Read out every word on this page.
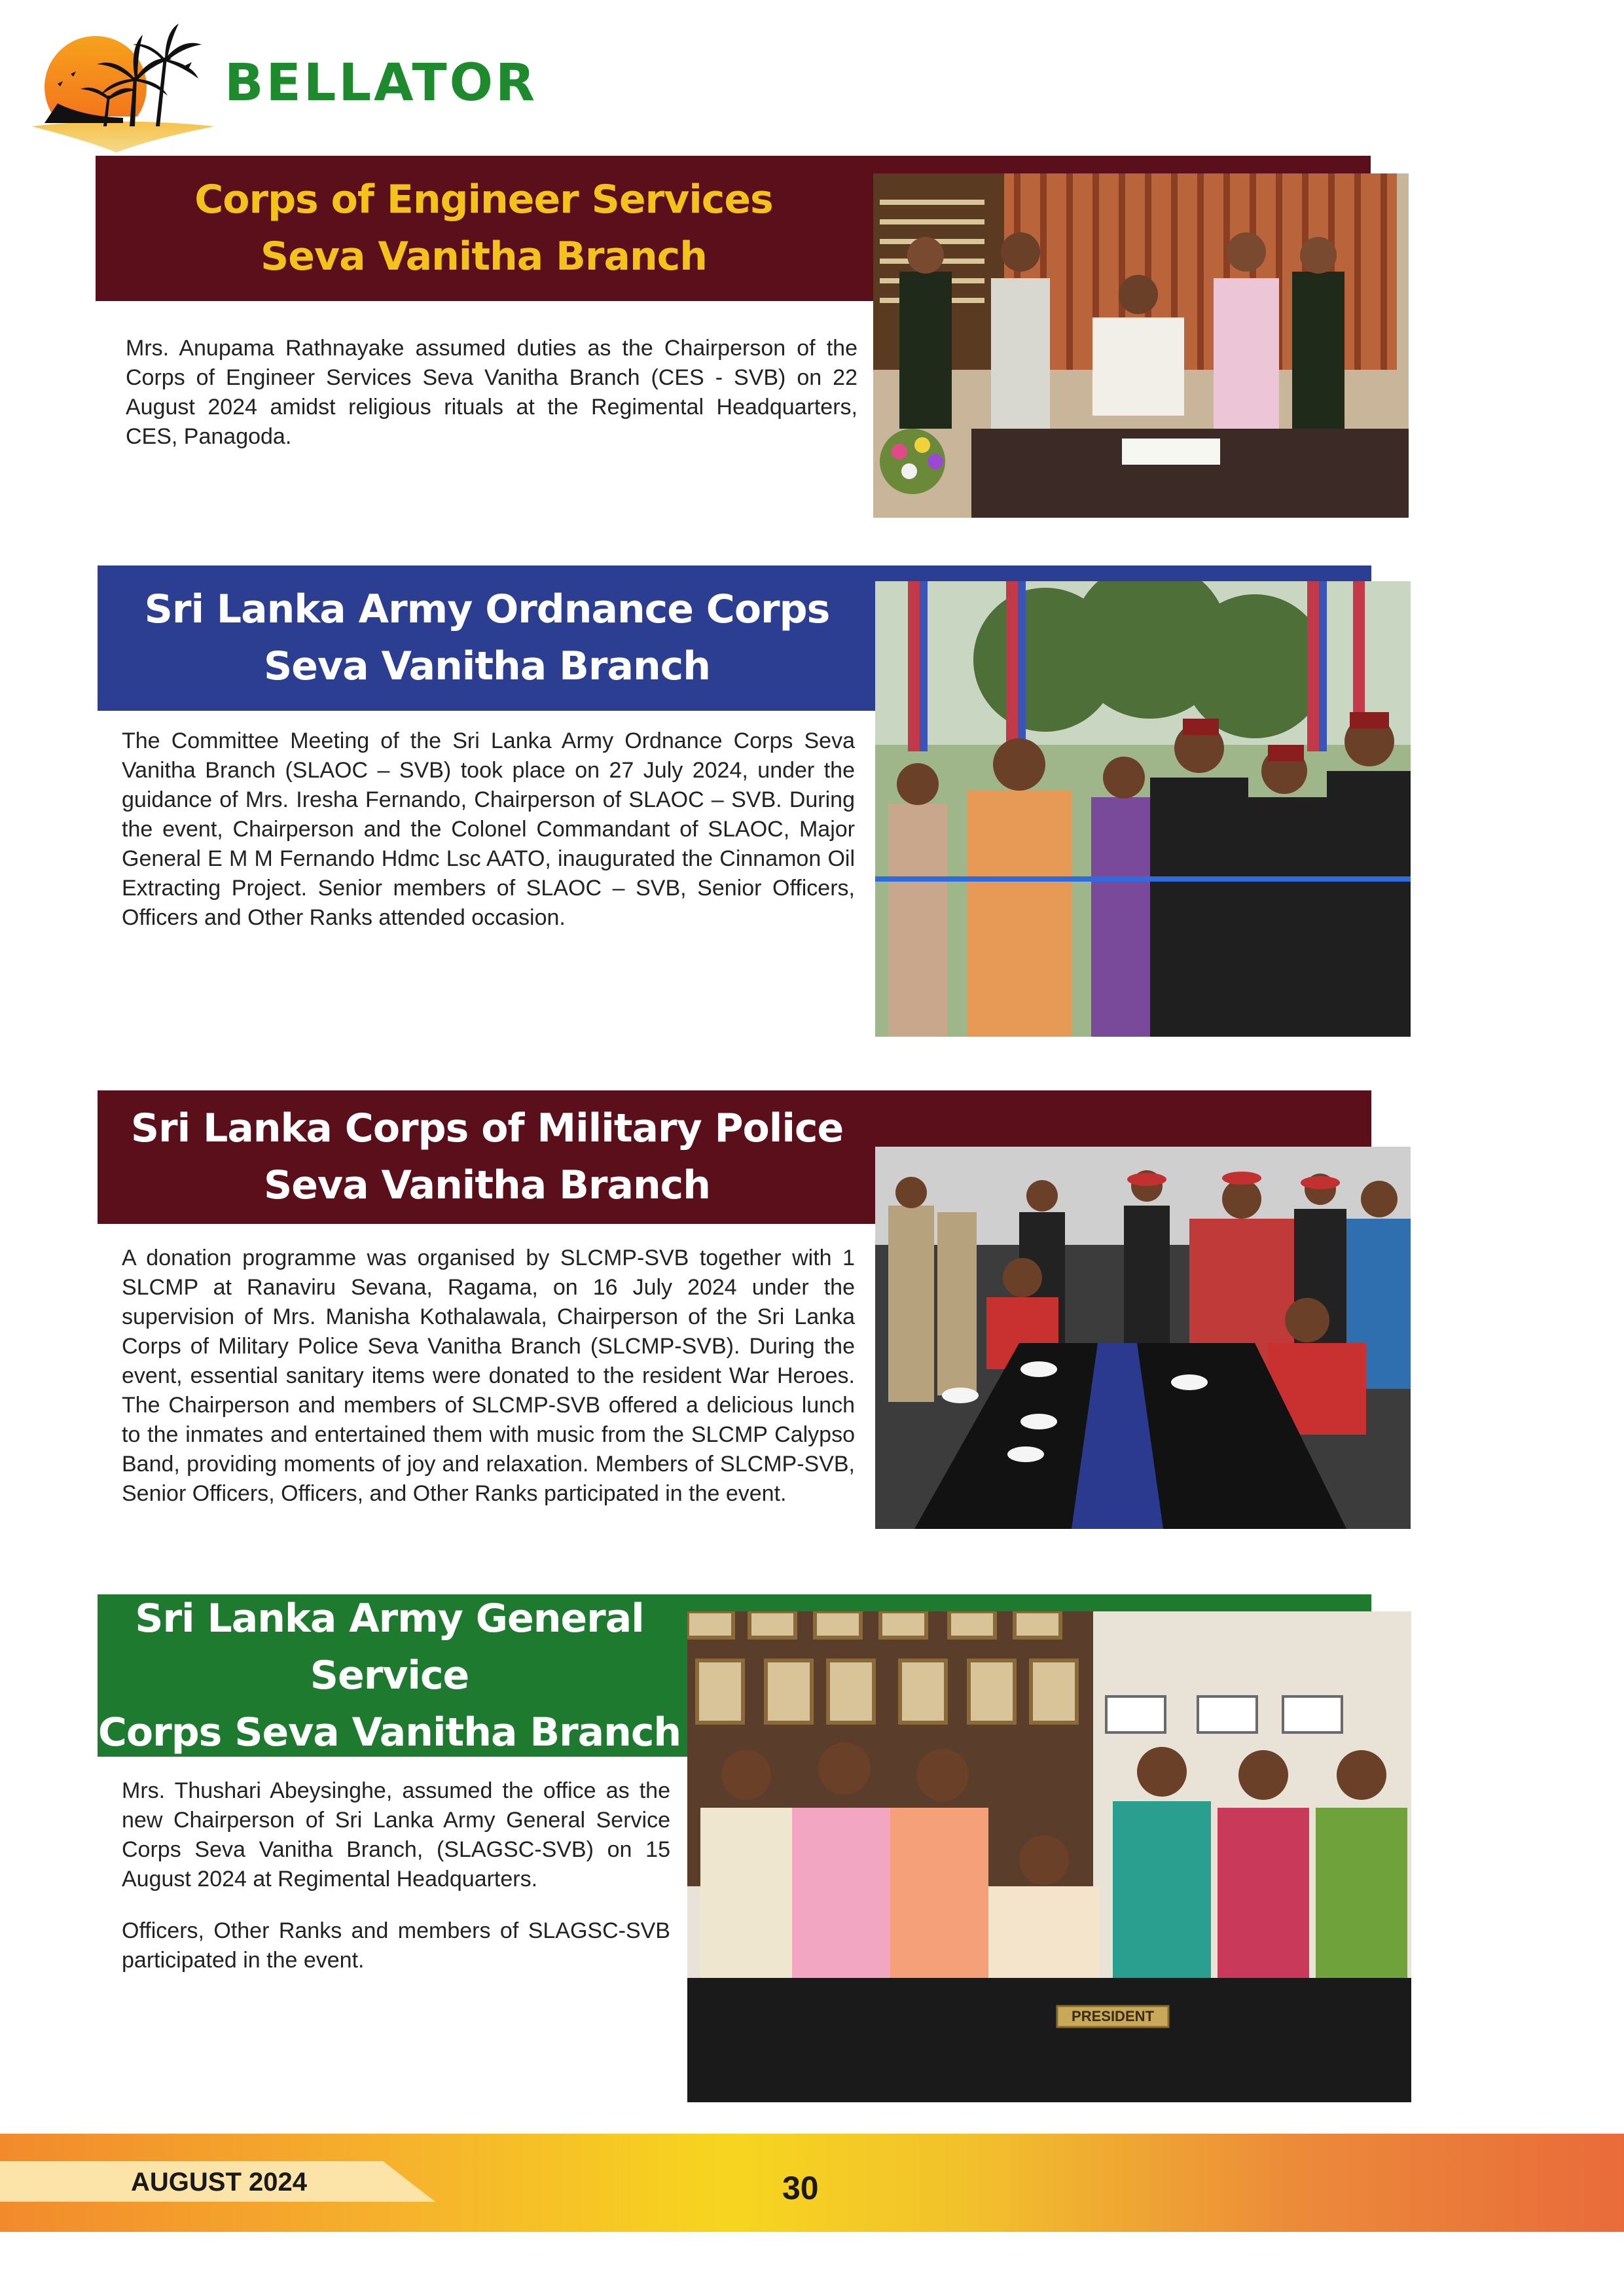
BELLATOR
Corps of Engineer Services
Seva Vanitha Branch

Mrs. Anupama Rathnayake assumed duties as the Chairperson of the Corps of Engineer Services Seva Vanitha Branch (CES - SVB) on 22 August 2024 amidst religious rituals at the Regimental Headquarters, CES, Panagoda.

Sri Lanka Army Ordnance Corps
Seva Vanitha Branch

The Committee Meeting of the Sri Lanka Army Ordnance Corps Seva Vanitha Branch (SLAOC – SVB) took place on 27 July 2024, under the guidance of Mrs. Iresha Fernando, Chairperson of SLAOC – SVB. During the event, Chairperson and the Colonel Commandant of SLAOC, Major General E M M Fernando Hdmc Lsc AATO, inaugurated the Cinnamon Oil Extracting Project. Senior members of SLAOC – SVB, Senior Officers, Officers and Other Ranks attended occasion.

Sri Lanka Corps of Military Police
Seva Vanitha Branch

A donation programme was organised by SLCMP-SVB together with 1 SLCMP at Ranaviru Sevana, Ragama, on 16 July 2024 under the supervision of Mrs. Manisha Kothalawala, Chairperson of the Sri Lanka Corps of Military Police Seva Vanitha Branch (SLCMP-SVB). During the event, essential sanitary items were donated to the resident War Heroes. The Chairperson and members of SLCMP-SVB offered a delicious lunch to the inmates and entertained them with music from the SLCMP Calypso Band, providing moments of joy and relaxation. Members of SLCMP-SVB, Senior Officers, Officers, and Other Ranks participated in the event.

Sri Lanka Army General Service
Corps Seva Vanitha Branch

Mrs. Thushari Abeysinghe, assumed the office as the new Chairperson of Sri Lanka Army General Service Corps Seva Vanitha Branch, (SLAGSC-SVB) on 15 August 2024 at Regimental Headquarters.

Officers, Other Ranks and members of SLAGSC-SVB participated in the event.

PRESIDENT
AUGUST 2024	30
